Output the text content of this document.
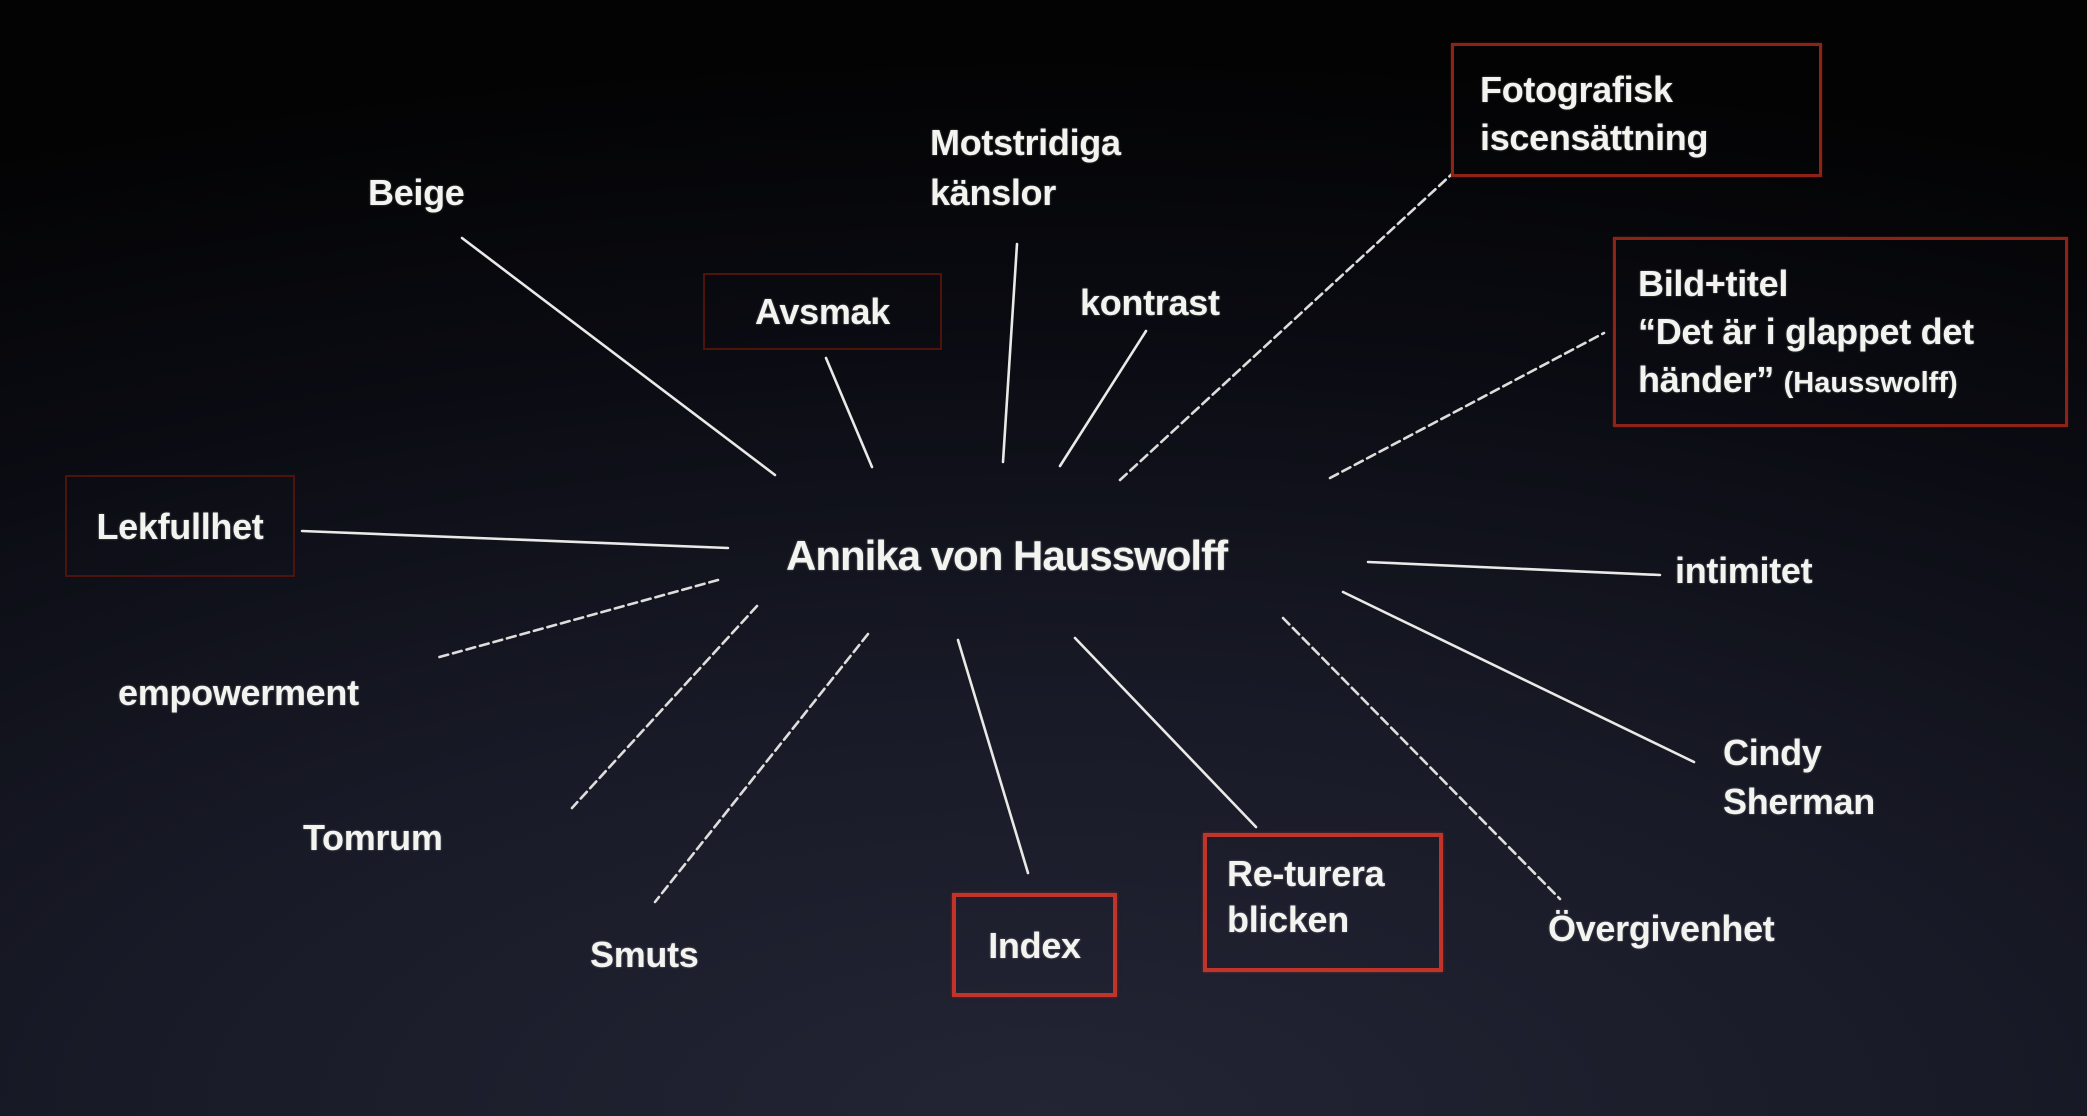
Annika von Hausswolff
Beige
Avsmak
Motstridiga
känslor
kontrast
Fotografisk
iscensättning
Bild+titel
“Det är i glappet det
händer” (Hausswolff)
Lekfullhet
empowerment
Tomrum
Smuts	Index
Re-turera
blicken	Övergivenhet
Cindy
Sherman
intimitet
